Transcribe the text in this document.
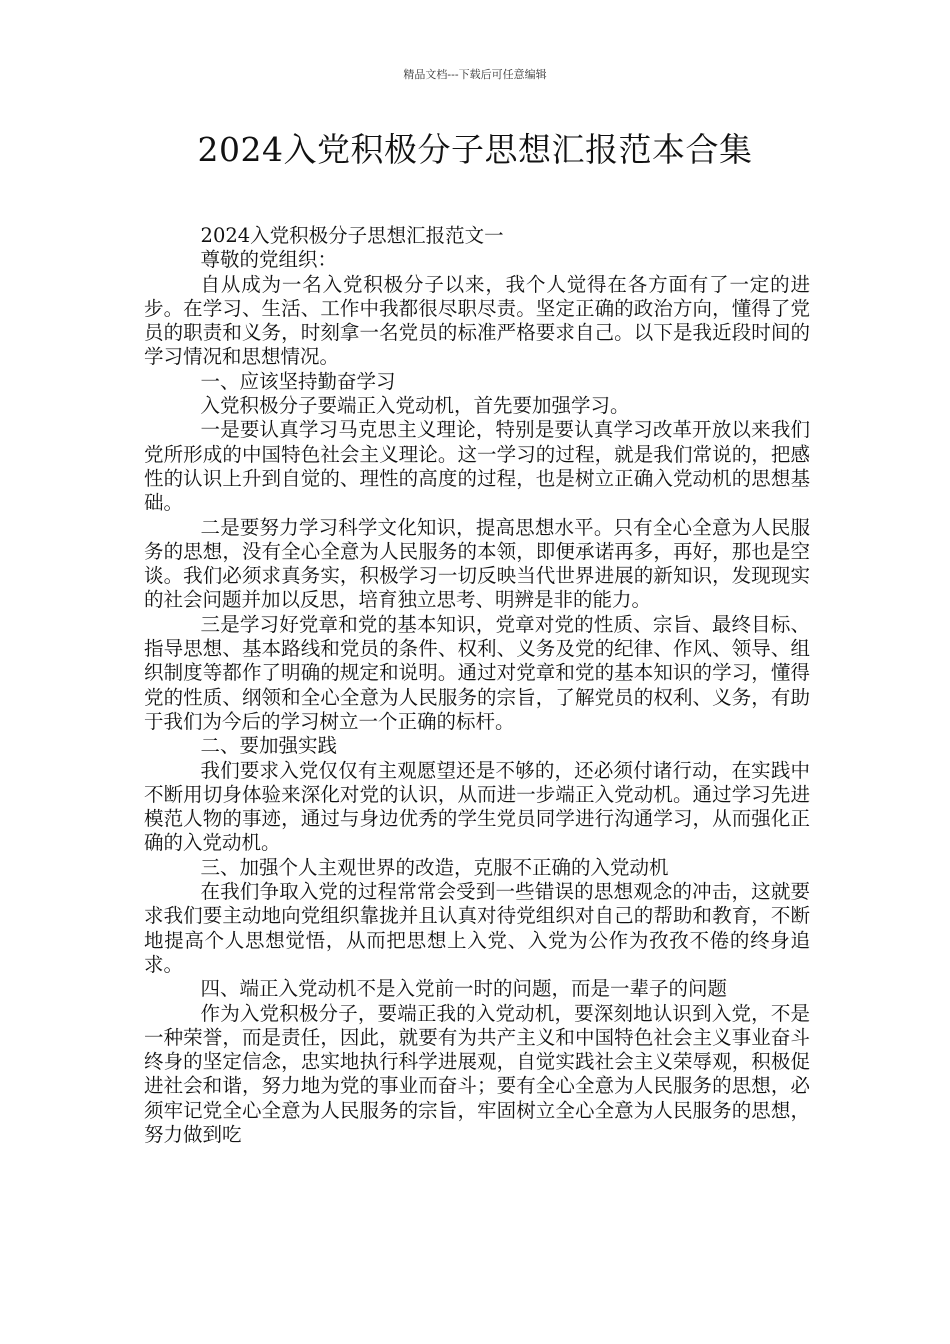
精品文档---下载后可任意编辑
2024入党积极分子思想汇报范本合集

2024入党积极分子思想汇报范文一

尊敬的党组织：

自从成为一名入党积极分子以来，我个人觉得在各方面有了一定的进步。在学习、生活、工作中我都很尽职尽责。坚定正确的政治方向，懂得了党员的职责和义务，时刻拿一名党员的标准严格要求自己。以下是我近段时间的学习情况和思想情况。

一、应该坚持勤奋学习

入党积极分子要端正入党动机，首先要加强学习。

一是要认真学习马克思主义理论，特别是要认真学习改革开放以来我们党所形成的中国特色社会主义理论。这一学习的过程，就是我们常说的，把感性的认识上升到自觉的、理性的高度的过程，也是树立正确入党动机的思想基础。

二是要努力学习科学文化知识，提高思想水平。只有全心全意为人民服务的思想，没有全心全意为人民服务的本领，即便承诺再多，再好，那也是空谈。我们必须求真务实，积极学习一切反映当代世界进展的新知识，发现现实的社会问题并加以反思，培育独立思考、明辨是非的能力。

三是学习好党章和党的基本知识，党章对党的性质、宗旨、最终目标、指导思想、基本路线和党员的条件、权利、义务及党的纪律、作风、领导、组织制度等都作了明确的规定和说明。通过对党章和党的基本知识的学习，懂得党的性质、纲领和全心全意为人民服务的宗旨，了解党员的权利、义务，有助于我们为今后的学习树立一个正确的标杆。

二、要加强实践

我们要求入党仅仅有主观愿望还是不够的，还必须付诸行动，在实践中不断用切身体验来深化对党的认识，从而进一步端正入党动机。通过学习先进模范人物的事迹，通过与身边优秀的学生党员同学进行沟通学习，从而强化正确的入党动机。

三、加强个人主观世界的改造，克服不正确的入党动机

在我们争取入党的过程常常会受到一些错误的思想观念的冲击，这就要求我们要主动地向党组织靠拢并且认真对待党组织对自己的帮助和教育，不断地提高个人思想觉悟，从而把思想上入党、入党为公作为孜孜不倦的终身追求。

四、端正入党动机不是入党前一时的问题，而是一辈子的问题

作为入党积极分子，要端正我的入党动机，要深刻地认识到入党，不是一种荣誉，而是责任，因此，就要有为共产主义和中国特色社会主义事业奋斗终身的坚定信念，忠实地执行科学进展观，自觉实践社会主义荣辱观，积极促进社会和谐，努力地为党的事业而奋斗；要有全心全意为人民服务的思想，必须牢记党全心全意为人民服务的宗旨，牢固树立全心全意为人民服务的思想，努力做到吃
